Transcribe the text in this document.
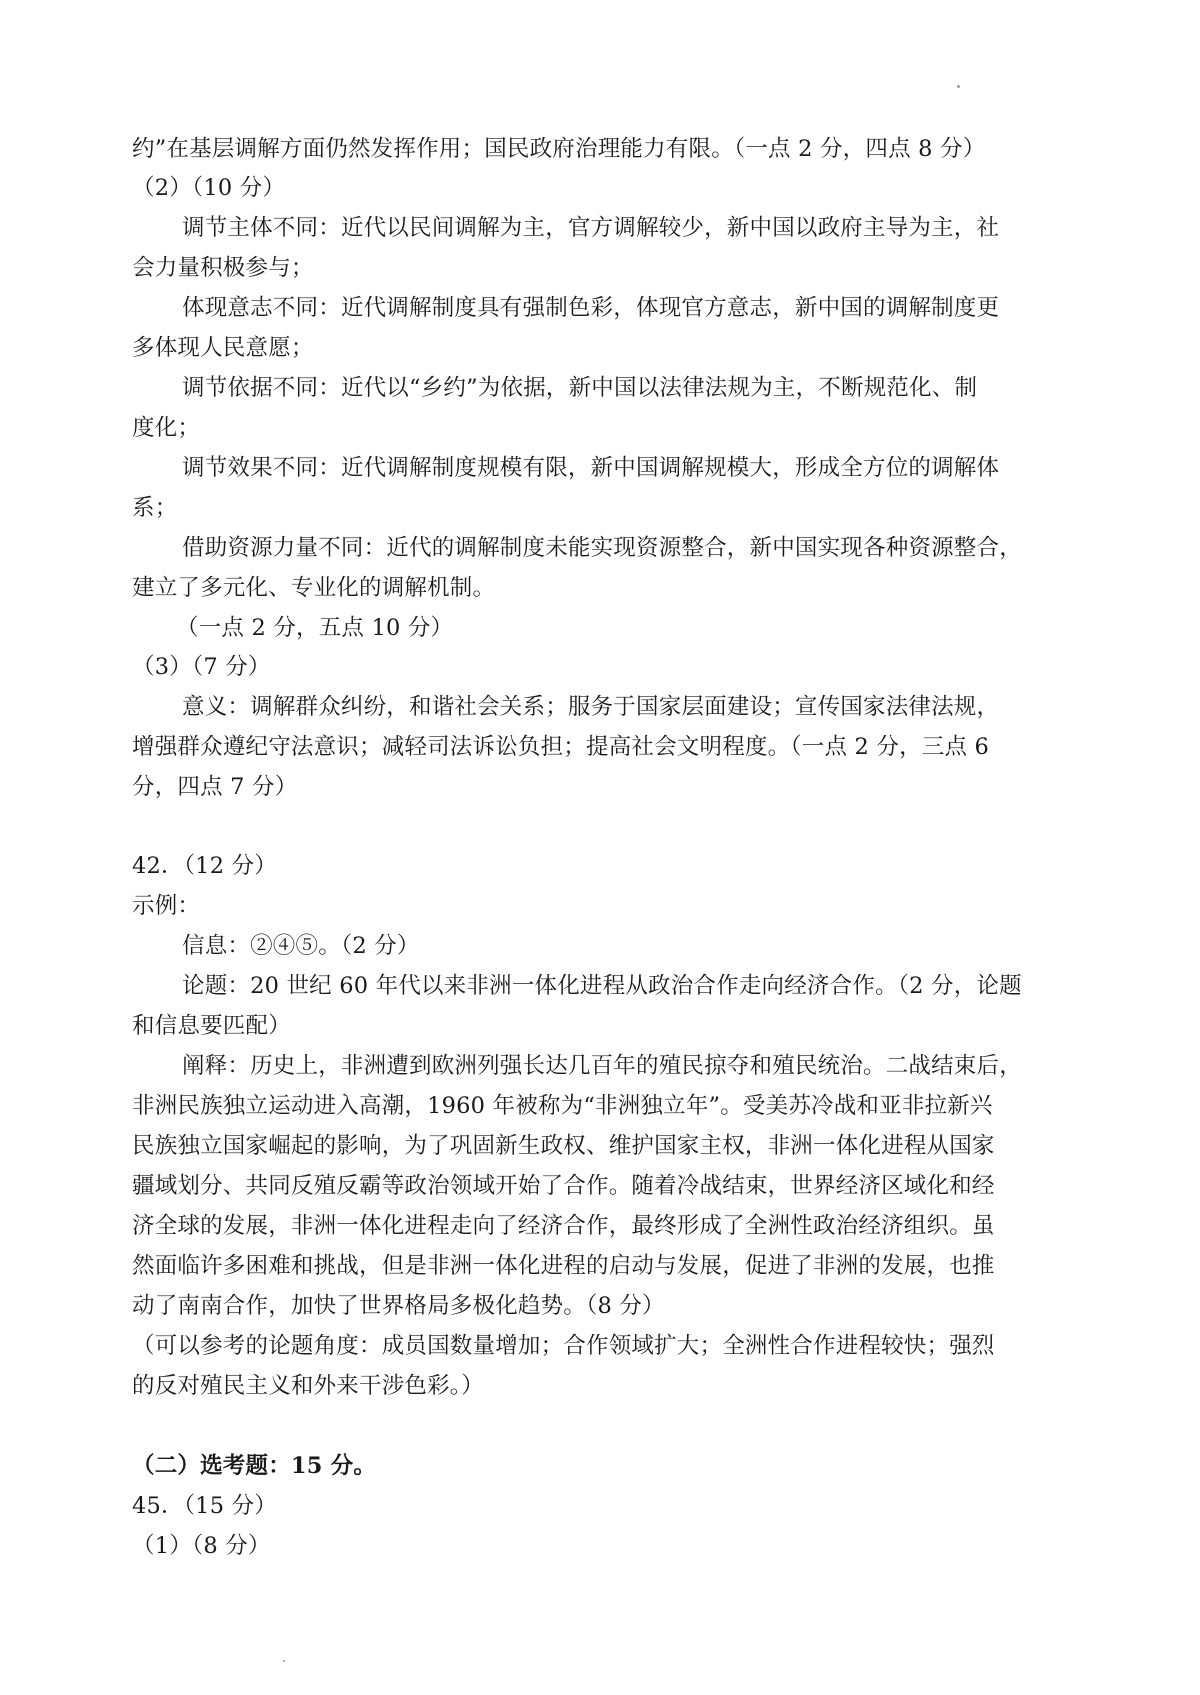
约”在基层调解方面仍然发挥作用；国民政府治理能力有限。（一点 2 分，四点 8 分）
（2）（10 分）
调节主体不同：近代以民间调解为主，官方调解较少，新中国以政府主导为主，社
会力量积极参与；
体现意志不同：近代调解制度具有强制色彩，体现官方意志，新中国的调解制度更
多体现人民意愿；
调节依据不同：近代以“乡约”为依据，新中国以法律法规为主，不断规范化、制
度化；
调节效果不同：近代调解制度规模有限，新中国调解规模大，形成全方位的调解体
系；
借助资源力量不同：近代的调解制度未能实现资源整合，新中国实现各种资源整合，
建立了多元化、专业化的调解机制。
（一点 2 分，五点 10 分）
（3）（7 分）
意义：调解群众纠纷，和谐社会关系；服务于国家层面建设；宣传国家法律法规，
增强群众遵纪守法意识；减轻司法诉讼负担；提高社会文明程度。（一点 2 分，三点 6
分，四点 7 分）
42．（12 分）
示例：
信息：②④⑤。（2 分）
论题：20 世纪 60 年代以来非洲一体化进程从政治合作走向经济合作。（2 分，论题
和信息要匹配）
阐释：历史上，非洲遭到欧洲列强长达几百年的殖民掠夺和殖民统治。二战结束后，
非洲民族独立运动进入高潮，1960 年被称为“非洲独立年”。受美苏冷战和亚非拉新兴
民族独立国家崛起的影响，为了巩固新生政权、维护国家主权，非洲一体化进程从国家
疆域划分、共同反殖反霸等政治领域开始了合作。随着冷战结束，世界经济区域化和经
济全球的发展，非洲一体化进程走向了经济合作，最终形成了全洲性政治经济组织。虽
然面临许多困难和挑战，但是非洲一体化进程的启动与发展，促进了非洲的发展，也推
动了南南合作，加快了世界格局多极化趋势。（8 分）
（可以参考的论题角度：成员国数量增加；合作领域扩大；全洲性合作进程较快；强烈
的反对殖民主义和外来干涉色彩。）
（二）选考题：15 分。
45．（15 分）
（1）（8 分）
